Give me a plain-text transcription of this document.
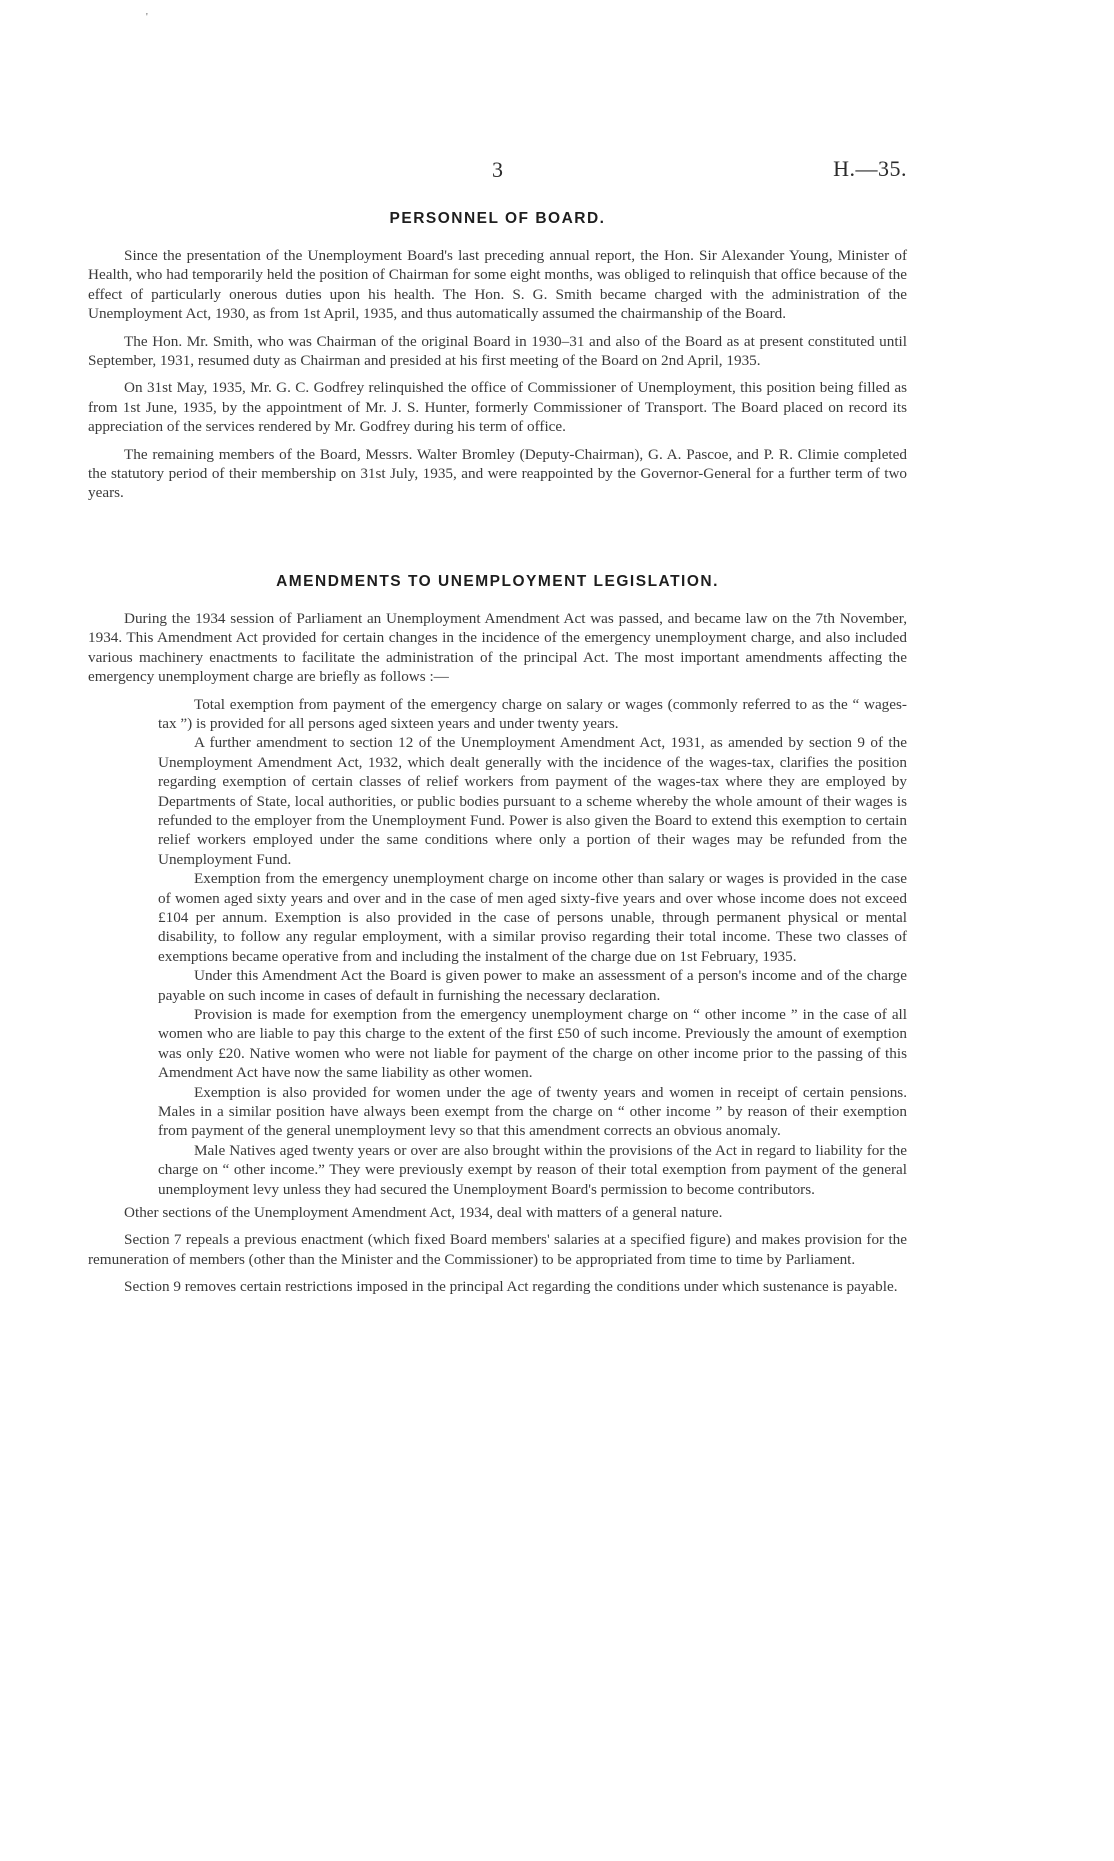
'
3	H.—35.
PERSONNEL OF BOARD.

Since the presentation of the Unemployment Board's last preceding annual report, the Hon. Sir Alexander Young, Minister of Health, who had temporarily held the position of Chairman for some eight months, was obliged to relinquish that office because of the effect of particularly onerous duties upon his health. The Hon. S. G. Smith became charged with the administration of the Unemployment Act, 1930, as from 1st April, 1935, and thus automatically assumed the chairmanship of the Board.

The Hon. Mr. Smith, who was Chairman of the original Board in 1930–31 and also of the Board as at present constituted until September, 1931, resumed duty as Chairman and presided at his first meeting of the Board on 2nd April, 1935.

On 31st May, 1935, Mr. G. C. Godfrey relinquished the office of Commissioner of Unemployment, this position being filled as from 1st June, 1935, by the appointment of Mr. J. S. Hunter, formerly Commissioner of Transport. The Board placed on record its appreciation of the services rendered by Mr. Godfrey during his term of office.

The remaining members of the Board, Messrs. Walter Bromley (Deputy-Chairman), G. A. Pascoe, and P. R. Climie completed the statutory period of their membership on 31st July, 1935, and were reappointed by the Governor-General for a further term of two years.

AMENDMENTS TO UNEMPLOYMENT LEGISLATION.

During the 1934 session of Parliament an Unemployment Amendment Act was passed, and became law on the 7th November, 1934. This Amendment Act provided for certain changes in the incidence of the emergency unemployment charge, and also included various machinery enactments to facilitate the administration of the principal Act. The most important amendments affecting the emergency unemployment charge are briefly as follows :—

Total exemption from payment of the emergency charge on salary or wages (commonly referred to as the “ wages-tax ”) is provided for all persons aged sixteen years and under twenty years.

A further amendment to section 12 of the Unemployment Amendment Act, 1931, as amended by section 9 of the Unemployment Amendment Act, 1932, which dealt generally with the incidence of the wages-tax, clarifies the position regarding exemption of certain classes of relief workers from payment of the wages-tax where they are employed by Departments of State, local authorities, or public bodies pursuant to a scheme whereby the whole amount of their wages is refunded to the employer from the Unemployment Fund. Power is also given the Board to extend this exemption to certain relief workers employed under the same conditions where only a portion of their wages may be refunded from the Unemployment Fund.

Exemption from the emergency unemployment charge on income other than salary or wages is provided in the case of women aged sixty years and over and in the case of men aged sixty-five years and over whose income does not exceed £104 per annum. Exemption is also provided in the case of persons unable, through permanent physical or mental disability, to follow any regular employment, with a similar proviso regarding their total income. These two classes of exemptions became operative from and including the instalment of the charge due on 1st February, 1935.

Under this Amendment Act the Board is given power to make an assessment of a person's income and of the charge payable on such income in cases of default in furnishing the necessary declaration.

Provision is made for exemption from the emergency unemployment charge on “ other income ” in the case of all women who are liable to pay this charge to the extent of the first £50 of such income. Previously the amount of exemption was only £20. Native women who were not liable for payment of the charge on other income prior to the passing of this Amendment Act have now the same liability as other women.

Exemption is also provided for women under the age of twenty years and women in receipt of certain pensions. Males in a similar position have always been exempt from the charge on “ other income ” by reason of their exemption from payment of the general unemployment levy so that this amendment corrects an obvious anomaly.

Male Natives aged twenty years or over are also brought within the provisions of the Act in regard to liability for the charge on “ other income.” They were previously exempt by reason of their total exemption from payment of the general unemployment levy unless they had secured the Unemployment Board's permission to become contributors.

Other sections of the Unemployment Amendment Act, 1934, deal with matters of a general nature.

Section 7 repeals a previous enactment (which fixed Board members' salaries at a specified figure) and makes provision for the remuneration of members (other than the Minister and the Commissioner) to be appropriated from time to time by Parliament.

Section 9 removes certain restrictions imposed in the principal Act regarding the conditions under which sustenance is payable.
